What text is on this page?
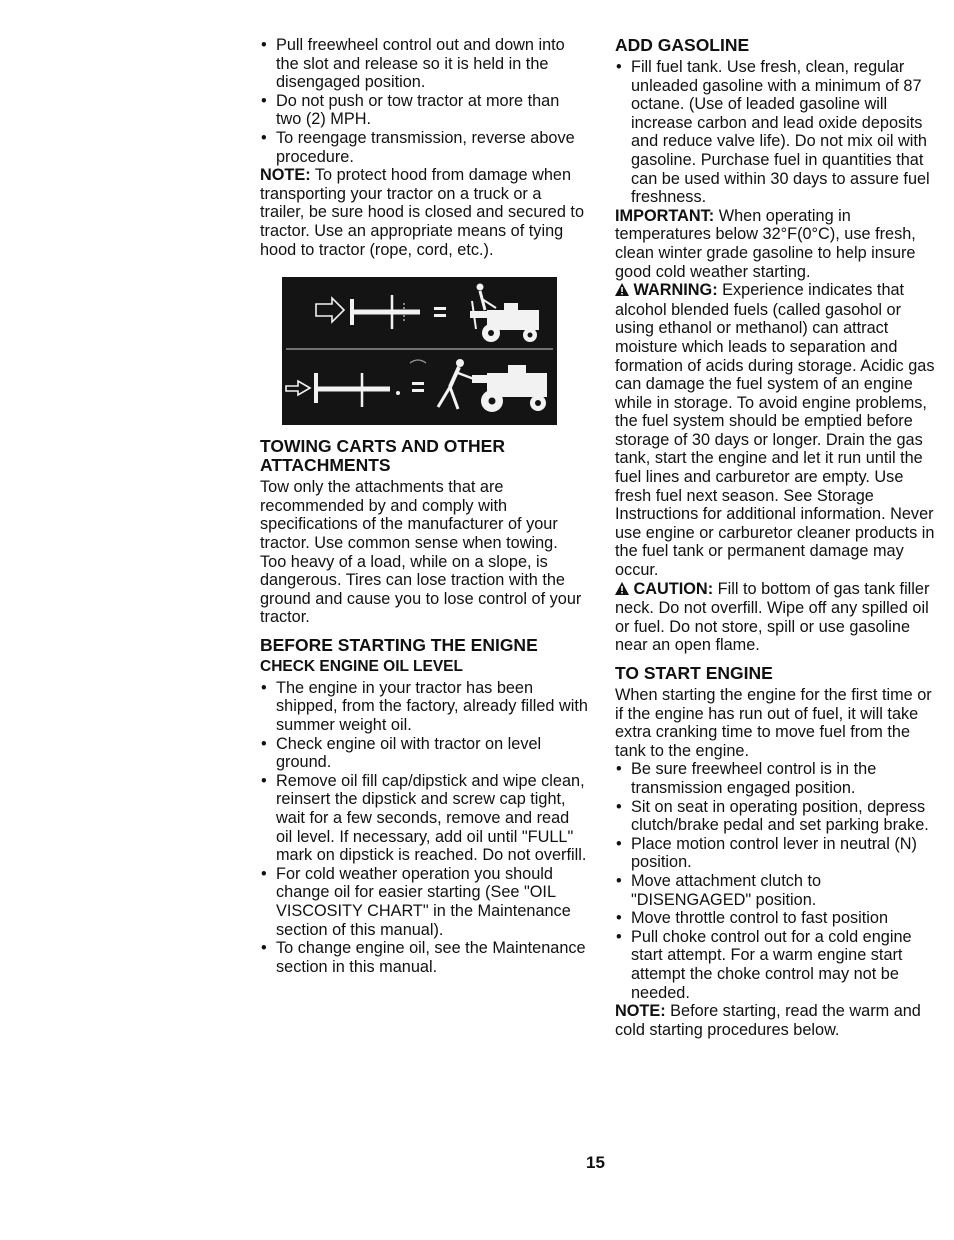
• Pull freewheel control out and down into the slot and release so it is held in the disengaged position.
• Do not push or tow tractor at more than two (2) MPH.
• To reengage transmission, reverse above procedure.

NOTE: To protect hood from damage when transporting your tractor on a truck or a trailer, be sure hood is closed and secured to tractor. Use an appropriate means of tying hood to tractor (rope, cord, etc.).

TOWING CARTS AND OTHER ATTACHMENTS

Tow only the attachments that are recommended by and comply with specifications of the manufacturer of your tractor. Use common sense when towing. Too heavy of a load, while on a slope, is dangerous. Tires can lose traction with the ground and cause you to lose control of your tractor.

BEFORE STARTING THE ENIGNE
CHECK ENGINE OIL LEVEL
• The engine in your tractor has been shipped, from the factory, already filled with summer weight oil.
• Check engine oil with tractor on level ground.
• Remove oil fill cap/dipstick and wipe clean, reinsert the dipstick and screw cap tight, wait for a few seconds, remove and read oil level. If necessary, add oil until "FULL" mark on dipstick is reached. Do not overfill.
• For cold weather operation you should change oil for easier starting (See "OIL VISCOSITY CHART" in the Maintenance section of this manual).
• To change engine oil, see the Maintenance section in this manual.
ADD GASOLINE
• Fill fuel tank. Use fresh, clean, regular unleaded gasoline with a minimum of 87 octane. (Use of leaded gasoline will increase carbon and lead oxide deposits and reduce valve life). Do not mix oil with gasoline. Purchase fuel in quantities that can be used within 30 days to assure fuel freshness.

IMPORTANT: When operating in temperatures below 32°F(0°C), use fresh, clean winter grade gasoline to help insure good cold weather starting.

WARNING: Experience indicates that alcohol blended fuels (called gasohol or using ethanol or methanol) can attract moisture which leads to separation and formation of acids during storage. Acidic gas can damage the fuel system of an engine while in storage. To avoid engine problems, the fuel system should be emptied before storage of 30 days or longer. Drain the gas tank, start the engine and let it run until the fuel lines and carburetor are empty. Use fresh fuel next season. See Storage Instructions for additional information. Never use engine or carburetor cleaner products in the fuel tank or permanent damage may occur.

CAUTION: Fill to bottom of gas tank filler neck. Do not overfill. Wipe off any spilled oil or fuel. Do not store, spill or use gasoline near an open flame.

TO START ENGINE

When starting the engine for the first time or if the engine has run out of fuel, it will take extra cranking time to move fuel from the tank to the engine.

• Be sure freewheel control is in the transmission engaged position.
• Sit on seat in operating position, depress clutch/brake pedal and set parking brake.
• Place motion control lever in neutral (N) position.
• Move attachment clutch to "DISENGAGED" position.
• Move throttle control to fast position
• Pull choke control out for a cold engine start attempt. For a warm engine start attempt the choke control may not be needed.

NOTE: Before starting, read the warm and cold starting procedures below.

15
